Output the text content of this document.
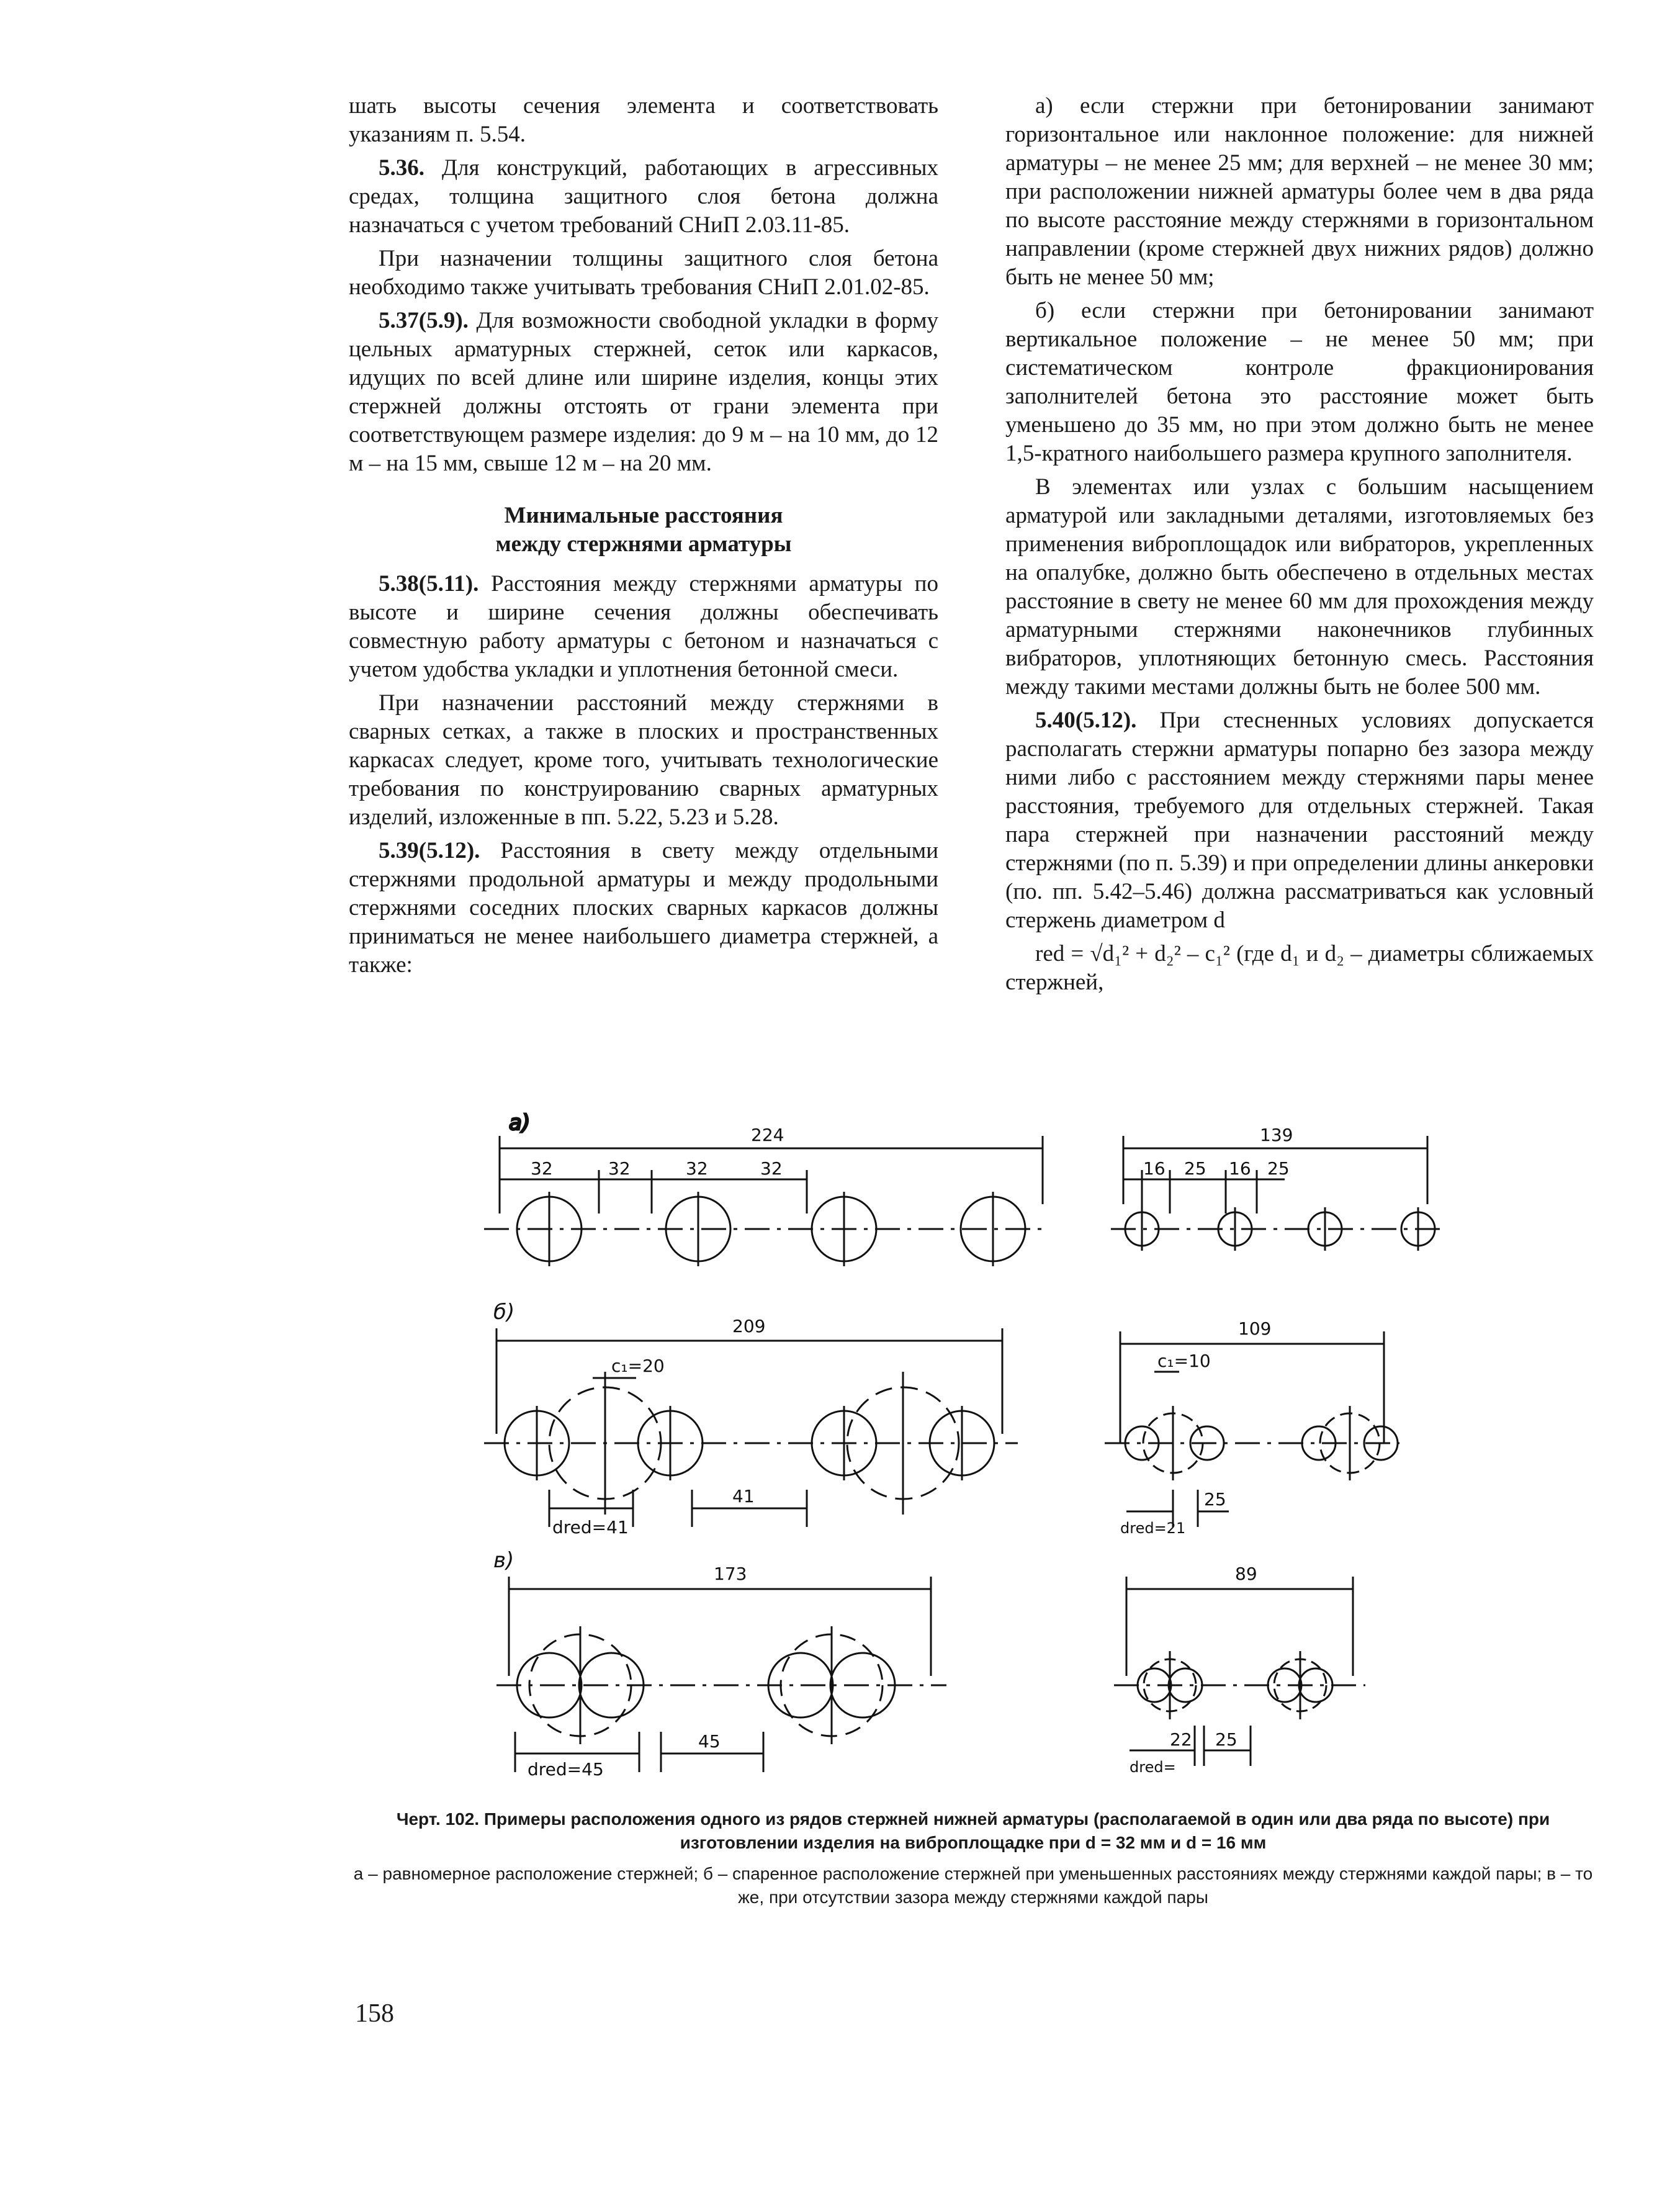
шать высоты сечения элемента и соответствовать указаниям п. 5.54.

5.36. Для конструкций, работающих в агрессивных средах, толщина защитного слоя бетона должна назначаться с учетом требований СНиП 2.03.11-85.

При назначении толщины защитного слоя бетона необходимо также учитывать требования СНиП 2.01.02-85.

5.37(5.9). Для возможности свободной укладки в форму цельных арматурных стержней, сеток или каркасов, идущих по всей длине или ширине изделия, концы этих стержней должны отстоять от грани элемента при соответствующем размере изделия: до 9 м – на 10 мм, до 12 м – на 15 мм, свыше 12 м – на 20 мм.

Минимальные расстояния
между стержнями арматуры

5.38(5.11). Расстояния между стержнями арматуры по высоте и ширине сечения должны обеспечивать совместную работу арматуры с бетоном и назначаться с учетом удобства укладки и уплотнения бетонной смеси.

При назначении расстояний между стержнями в сварных сетках, а также в плоских и пространственных каркасах следует, кроме того, учитывать технологические требования по конструированию сварных арматурных изделий, изложенные в пп. 5.22, 5.23 и 5.28.

5.39(5.12). Расстояния в свету между отдельными стержнями продольной арматуры и между продольными стержнями соседних плоских сварных каркасов должны приниматься не менее наибольшего диаметра стержней, а также:

а) если стержни при бетонировании занимают горизонтальное или наклонное положение: для нижней арматуры – не менее 25 мм; для верхней – не менее 30 мм; при расположении нижней арматуры более чем в два ряда по высоте расстояние между стержнями в горизонтальном направлении (кроме стержней двух нижних рядов) должно быть не менее 50 мм;

б) если стержни при бетонировании занимают вертикальное положение – не менее 50 мм; при систематическом контроле фракционирования заполнителей бетона это расстояние может быть уменьшено до 35 мм, но при этом должно быть не менее 1,5-кратного наибольшего размера крупного заполнителя.

В элементах или узлах с большим насыщением арматурой или закладными деталями, изготовляемых без применения виброплощадок или вибраторов, укрепленных на опалубке, должно быть обеспечено в отдельных местах расстояние в свету не менее 60 мм для прохождения между арматурными стержнями наконечников глубинных вибраторов, уплотняющих бетонную смесь. Расстояния между такими местами должны быть не более 500 мм.

5.40(5.12). При стесненных условиях допускается располагать стержни арматуры попарно без зазора между ними либо с расстоянием между стержнями пары менее расстояния, требуемого для отдельных стержней. Такая пара стержней при назначении расстояний между стержнями (по п. 5.39) и при определении длины анкеровки (по. пп. 5.42–5.46) должна рассматриваться как условный стержень диаметром d

red = √d₁² + d₂² – c₁² (где d₁ и d₂ – диаметры сближаемых стержней,

а)	224
32	32	32	32
139
16 25 16 25
б)
209
c₁=20
dred=41
41
109
c₁=10
dred=21
25
в)
173
dred=45
45
89
dred=
22 25
Черт. 102. Примеры расположения одного из рядов стержней нижней арматуры (располагаемой в один или два ряда по высоте) при изготовлении изделия на виброплощадке при d = 32 мм и d = 16 мм
а – равномерное расположение стержней; б – спаренное расположение стержней при уменьшенных расстояниях между стержнями каждой пары; в – то же, при отсутствии зазора между стержнями каждой пары
158
